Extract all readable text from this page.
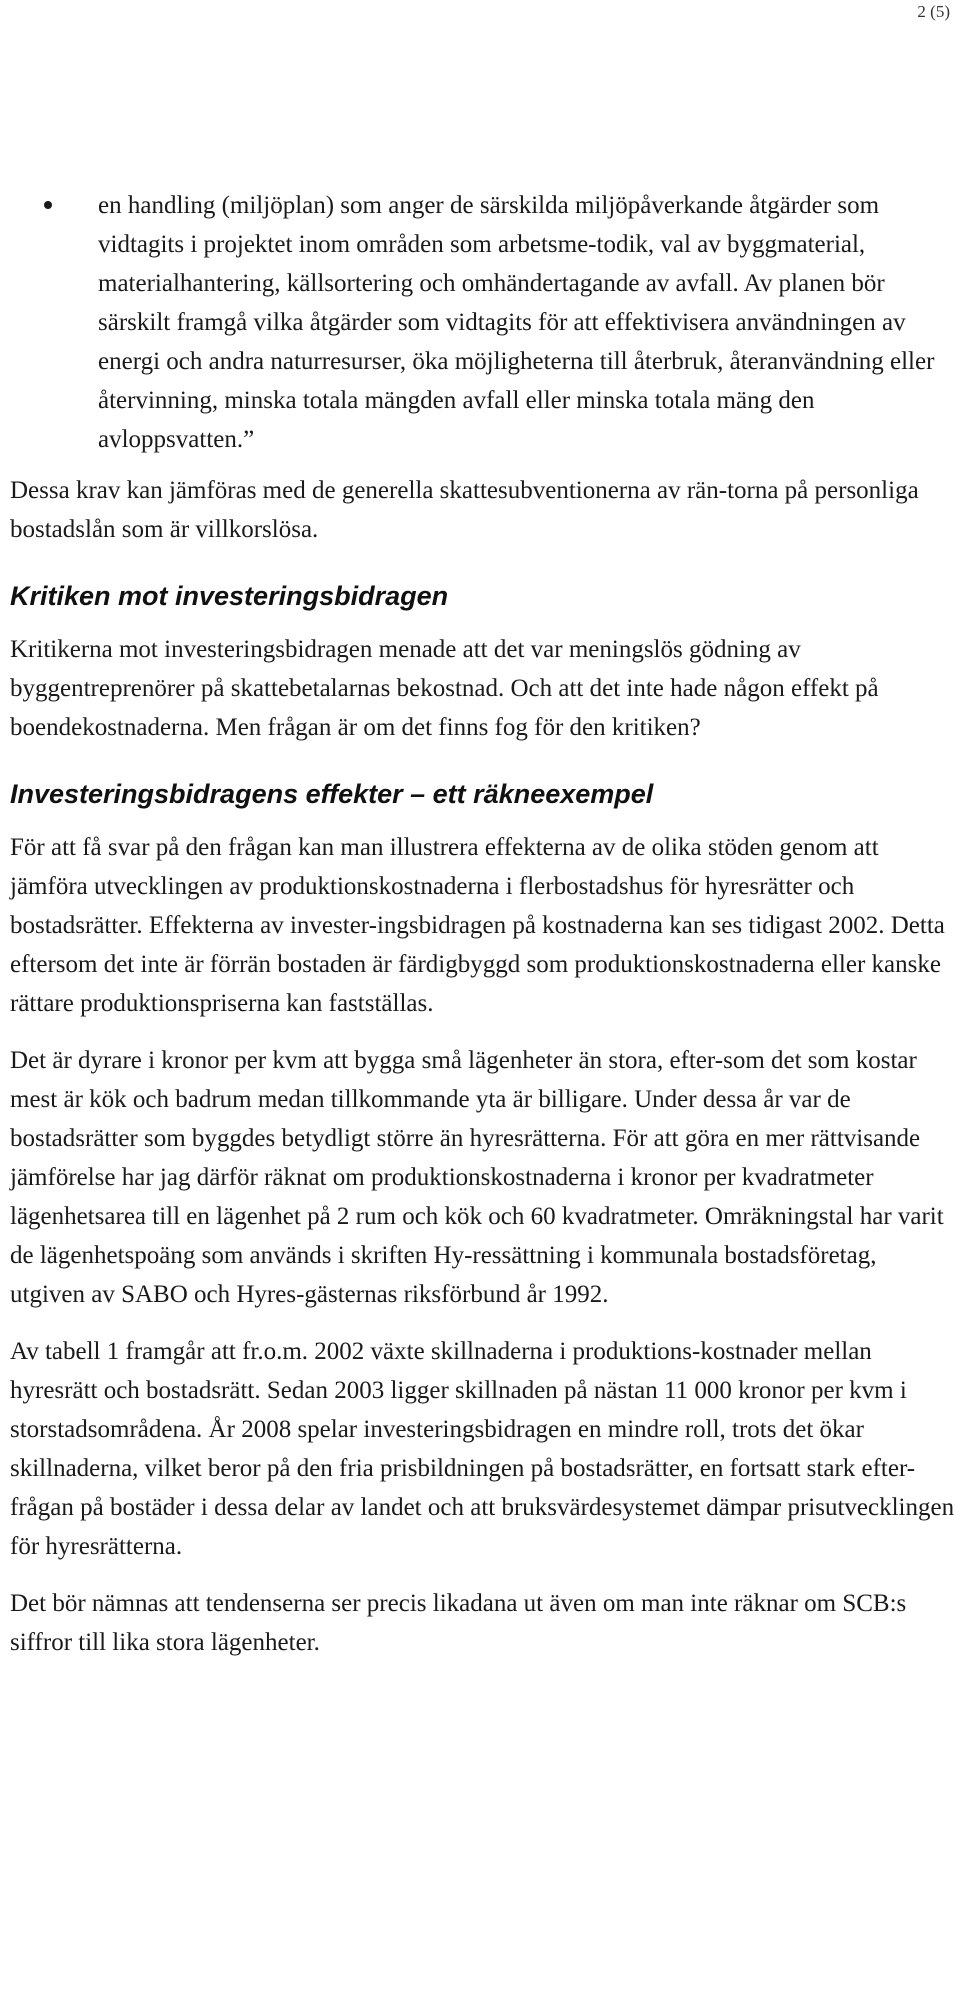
2 (5)
en handling (miljöplan) som anger de särskilda miljöpåverkande åtgärder som vidtagits i projektet inom områden som arbetsme-todik, val av byggmaterial, materialhantering, källsortering och omhändertagande av avfall. Av planen bör särskilt framgå vilka åtgärder som vidtagits för att effektivisera användningen av energi och andra naturresurser, öka möjligheterna till återbruk, återanvändning eller återvinning, minska totala mängden avfall eller minska totala mäng den avloppsvatten.”

Dessa krav kan jämföras med de generella skattesubventionerna av rän-torna på personliga bostadslån som är villkorslösa.

Kritiken mot investeringsbidragen

Kritikerna mot investeringsbidragen menade att det var meningslös gödning av byggentreprenörer på skattebetalarnas bekostnad. Och att det inte hade någon effekt på boendekostnaderna. Men frågan är om det finns fog för den kritiken?

Investeringsbidragens effekter – ett räkneexempel

För att få svar på den frågan kan man illustrera effekterna av de olika stöden genom att jämföra utvecklingen av produktionskostnaderna i flerbostadshus för hyresrätter och bostadsrätter. Effekterna av invester-ingsbidragen på kostnaderna kan ses tidigast 2002. Detta eftersom det inte är förrän bostaden är färdigbyggd som produktionskostnaderna eller kanske rättare produktionspriserna kan fastställas.

Det är dyrare i kronor per kvm att bygga små lägenheter än stora, efter-som det som kostar mest är kök och badrum medan tillkommande yta är billigare. Under dessa år var de bostadsrätter som byggdes betydligt större än hyresrätterna. För att göra en mer rättvisande jämförelse har jag därför räknat om produktionskostnaderna i kronor per kvadratmeter lägenhetsarea till en lägenhet på 2 rum och kök och 60 kvadratmeter. Omräkningstal har varit de lägenhetspoäng som används i skriften Hy-ressättning i kommunala bostadsföretag, utgiven av SABO och Hyres-gästernas riksförbund år 1992.

Av tabell 1 framgår att fr.o.m. 2002 växte skillnaderna i produktions-kostnader mellan hyresrätt och bostadsrätt. Sedan 2003 ligger skillnaden på nästan 11 000 kronor per kvm i storstadsområdena. År 2008 spelar investeringsbidragen en mindre roll, trots det ökar skillnaderna, vilket beror på den fria prisbildningen på bostadsrätter, en fortsatt stark efter-frågan på bostäder i dessa delar av landet och att bruksvärdesystemet dämpar prisutvecklingen för hyresrätterna.

Det bör nämnas att tendenserna ser precis likadana ut även om man inte räknar om SCB:s siffror till lika stora lägenheter.
